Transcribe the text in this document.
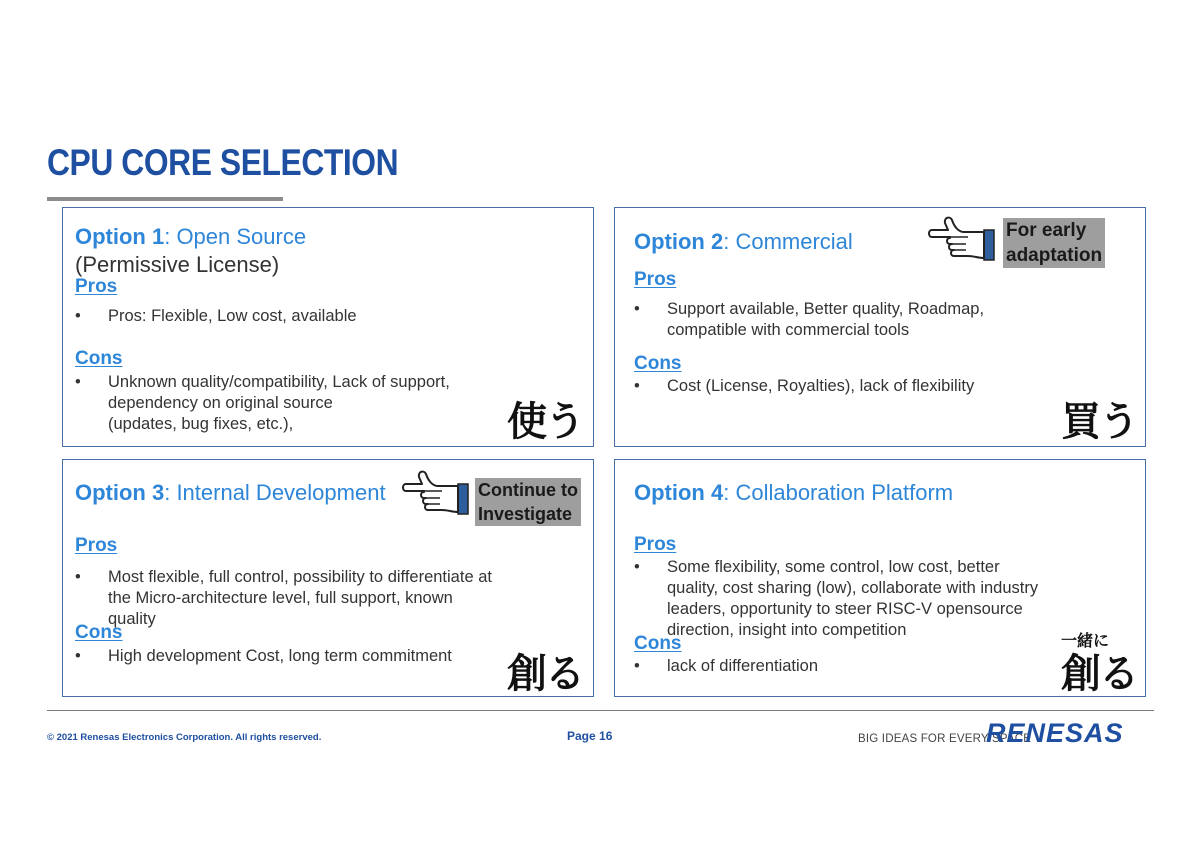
CPU CORE SELECTION
Option 1: Open Source
(Permissive License)
Pros
• Pros: Flexible, Low cost, available
Cons
• Unknown quality/compatibility, Lack of support,
dependency on original source
(updates, bug fixes, etc.),	使う
Option 2: Commercial
Pros
• Support available, Better quality, Roadmap,
compatible with commercial tools
Cons
• Cost (License, Royalties), lack of flexibility
買う
For early
adaptation
Option 3: Internal Development
Pros
• Most flexible, full control, possibility to differentiate at
the Micro-architecture level, full support, known
quality
Cons
• High development Cost, long term commitment 創る
Continue to
Investigate
Option 4: Collaboration Platform
Pros
• Some flexibility, some control, low cost, better
quality, cost sharing (low), collaborate with industry
leaders, opportunity to steer RISC-V opensource
direction, insight into competition
Cons
• lack of differentiation
一緒に
創る
© 2021 Renesas Electronics Corporation. All rights reserved.	Page 16	BIG IDEAS FOR EVERY SPACE
RENESAS
